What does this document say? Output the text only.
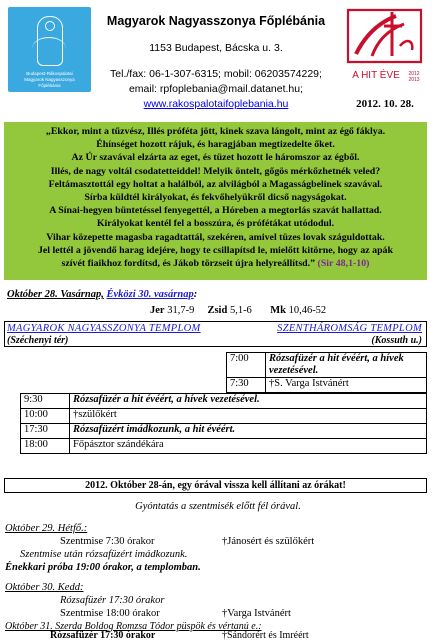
Budapest-Rákospalotai
Magyarok Nagyasszonya
Főplébánia
Magyarok Nagyasszonya Főplébánia
1153 Budapest, Bácska u. 3.
Tel./fax: 06-1-307-6315; mobil: 06203574229;
email: rpfoplebania@mail.datanet.hu;
www.rakospalotaifoplebania.hu
A HIT ÉVE 2012
2013
2012. 10. 28.
„Ekkor, mint a tűzvész, Illés próféta jött, kinek szava lángolt, mint az égő fáklya.
Éhínséget hozott rájuk, és haragjában megtizedelte őket.
Az Úr szavával elzárta az eget, és tüzet hozott le háromszor az égből.
Illés, de nagy voltál csodatetteiddel! Melyik öntelt, gőgös mérkőzhetnék veled?
Feltámasztottál egy holtat a halálból, az alvilágból a Magasságbelinek szavával.
Sírba küldtél királyokat, és fekvőhelyükről dicső nagyságokat.
A Sínai-hegyen büntetéssel fenyegettél, a Hóreben a megtorlás szavát hallattad.
Királyokat kentél fel a bosszúra, és prófétákat utódodul.
Vihar közepette magasba ragadtattál, szekéren, amivel tüzes lovak száguldottak.
Jel lettél a jövendő harag idejére, hogy te csillapítsd le, mielőtt kitörne, hogy az apák
szívét fiaikhoz fordítsd, és Jákob törzseit újra helyreállítsd.” (Sir 48,1-10)
Október 28. Vasárnap, Évközi 30. vasárnap:
Jer 31,7-9 Zsid 5,1-6 Mk 10,46-52
MAGYAROK NAGYASSZONYA TEMPLOM
(Széchenyi tér)
SZENTHÁROMSÁG TEMPLOM
(Kossuth u.)
7:00	Rózsafüzér a hit évéért, a hívek vezetésével.
7:30	†S. Varga Istvánért
9:30	Rózsafüzér a hit évéért, a hívek vezetésével.
10:00	†szülőkért
17:30	Rózsafüzért imádkozunk, a hit évéért.
18:00	Főpásztor szándékára
2012. Október 28-án, egy órával vissza kell állítani az órákat!
Gyóntatás a szentmisék előtt fél órával.
Október 29. Hétfő.:
Szentmise 7:30 órakor	†Jánosért és szülőkért
Szentmise után rózsafüzért imádkozunk.
Énekkari próba 19:00 órakor, a templomban.
Október 30. Kedd:
Rózsafüzér 17:30 órakor
Szentmise 18:00 órakor	†Varga Istvánért
Október 31. Szerda Boldog Romzsa Tódor püspök és vértanú e.:
Rózsafüzér 17:30 órakor	†Sándorért és Imréért
